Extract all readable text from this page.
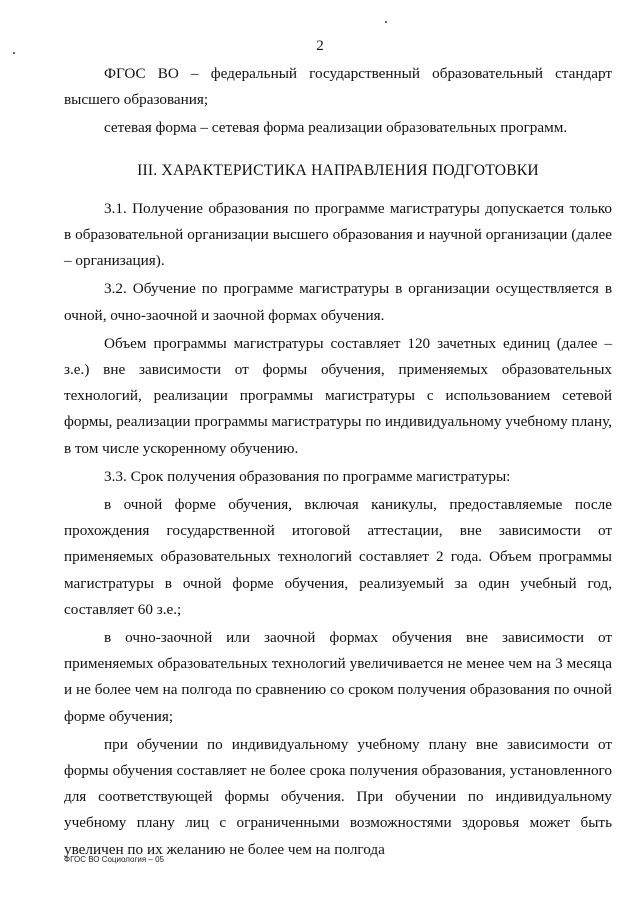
2

ФГОС ВО – федеральный государственный образовательный стандарт высшего образования;

сетевая форма – сетевая форма реализации образовательных программ.

III. ХАРАКТЕРИСТИКА НАПРАВЛЕНИЯ ПОДГОТОВКИ

3.1. Получение образования по программе магистратуры допускается только в образовательной организации высшего образования и научной организации (далее – организация).

3.2. Обучение по программе магистратуры в организации осуществляется в очной, очно-заочной и заочной формах обучения.

Объем программы магистратуры составляет 120 зачетных единиц (далее – з.е.) вне зависимости от формы обучения, применяемых образовательных технологий, реализации программы магистратуры с использованием сетевой формы, реализации программы магистратуры по индивидуальному учебному плану, в том числе ускоренному обучению.

3.3. Срок получения образования по программе магистратуры:

в очной форме обучения, включая каникулы, предоставляемые после прохождения государственной итоговой аттестации, вне зависимости от применяемых образовательных технологий составляет 2 года. Объем программы магистратуры в очной форме обучения, реализуемый за один учебный год, составляет 60 з.е.;

в очно-заочной или заочной формах обучения вне зависимости от применяемых образовательных технологий увеличивается не менее чем на 3 месяца и не более чем на полгода по сравнению со сроком получения образования по очной форме обучения;

при обучении по индивидуальному учебному плану вне зависимости от формы обучения составляет не более срока получения образования, установленного для соответствующей формы обучения. При обучении по индивидуальному учебному плану лиц с ограниченными возможностями здоровья может быть увеличен по их желанию не более чем на полгода

ФГОС ВО Социология – 05
